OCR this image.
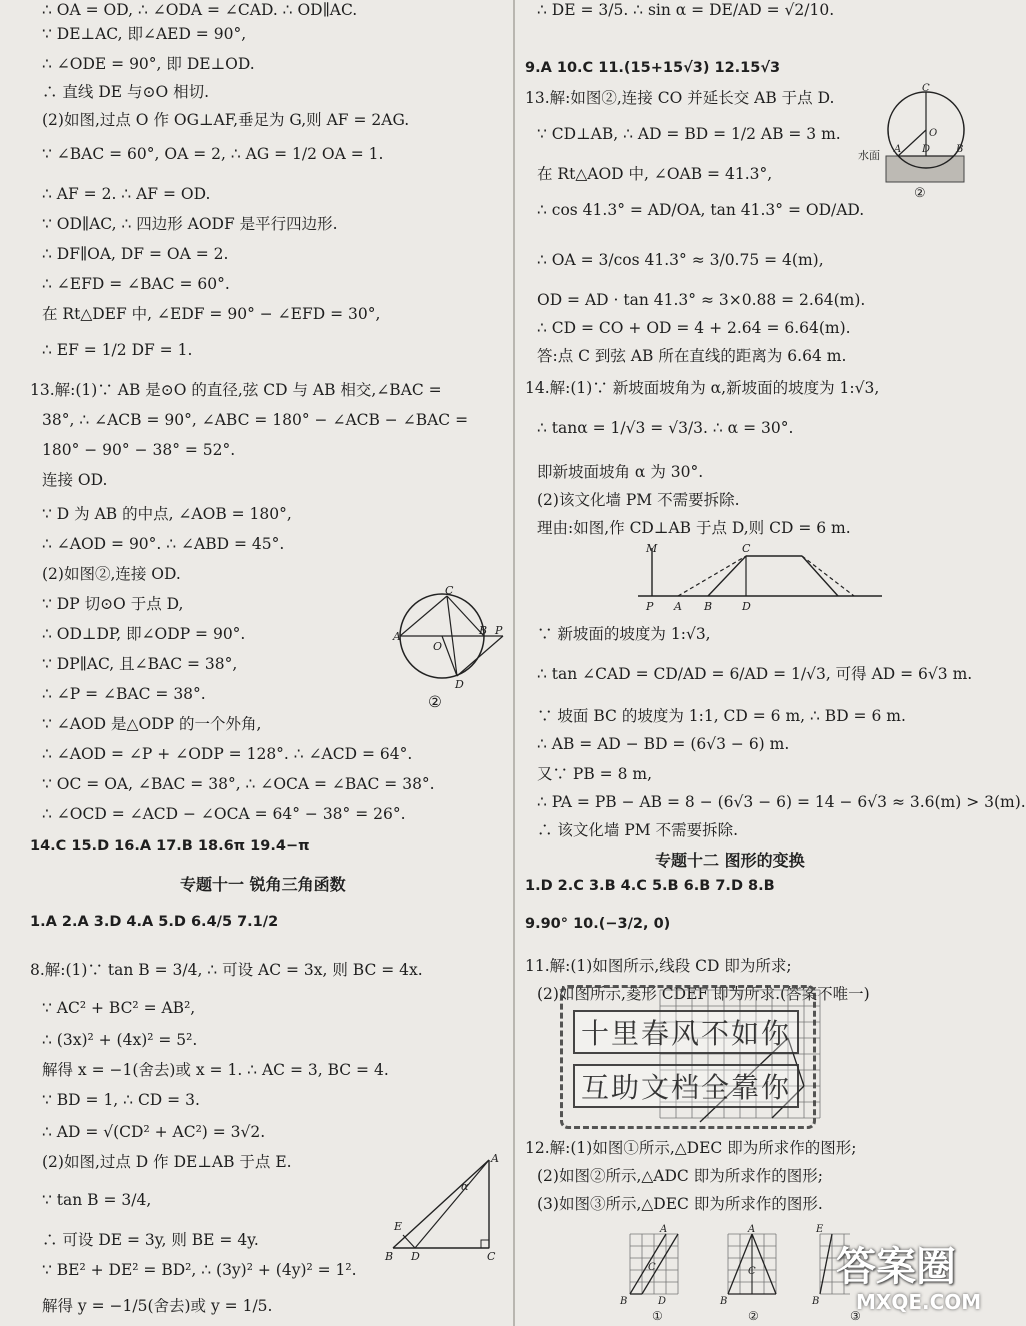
∴ OA = OD, ∴ ∠ODA = ∠CAD. ∴ OD∥AC.
∵ DE⊥AC, 即∠AED = 90°,
∴ ∠ODE = 90°, 即 DE⊥OD.
∴ 直线 DE 与⊙O 相切.
(2)如图,过点 O 作 OG⊥AF,垂足为 G,则 AF = 2AG.
∵ ∠BAC = 60°, OA = 2, ∴ AG = 1/2 OA = 1.
∴ AF = 2. ∴ AF = OD.
∵ OD∥AC, ∴ 四边形 AODF 是平行四边形.
∴ DF∥OA, DF = OA = 2.
∴ ∠EFD = ∠BAC = 60°.
在 Rt△DEF 中, ∠EDF = 90° − ∠EFD = 30°,
∴ EF = 1/2 DF = 1.
13.解:(1)∵ AB 是⊙O 的直径,弦 CD 与 AB 相交,∠BAC =
38°, ∴ ∠ACB = 90°, ∠ABC = 180° − ∠ACB − ∠BAC =
180° − 90° − 38° = 52°.
连接 OD.
∵ D 为 AB 的中点, ∠AOB = 180°,
∴ ∠AOD = 90°. ∴ ∠ABD = 45°.
(2)如图②,连接 OD.
∵ DP 切⊙O 于点 D,
∴ OD⊥DP, 即∠ODP = 90°.
∵ DP∥AC, 且∠BAC = 38°,
∴ ∠P = ∠BAC = 38°.
∵ ∠AOD 是△ODP 的一个外角,
∴ ∠AOD = ∠P + ∠ODP = 128°. ∴ ∠ACD = 64°.
∵ OC = OA, ∠BAC = 38°, ∴ ∠OCA = ∠BAC = 38°.
∴ ∠OCD = ∠ACD − ∠OCA = 64° − 38° = 26°.
14.C 15.D 16.A 17.B 18.6π 19.4−π
专题十一 锐角三角函数
1.A 2.A 3.D 4.A 5.D 6.4/5 7.1/2
8.解:(1)∵ tan B = 3/4, ∴ 可设 AC = 3x, 则 BC = 4x.
∵ AC² + BC² = AB²,
∴ (3x)² + (4x)² = 5².
解得 x = −1(舍去)或 x = 1. ∴ AC = 3, BC = 4.
∵ BD = 1, ∴ CD = 3.
∴ AD = √(CD² + AC²) = 3√2.
(2)如图,过点 D 作 DE⊥AB 于点 E.
∵ tan B = 3/4,
∴ 可设 DE = 3y, 则 BE = 4y.
∵ BE² + DE² = BD², ∴ (3y)² + (4y)² = 1².
解得 y = −1/5(舍去)或 y = 1/5.
A
C
O
B P
D
②
A
B D	C
E
α
∴ DE = 3/5. ∴ sin α = DE/AD = √2/10.
9.A 10.C 11.(15+15√3) 12.15√3
13.解:如图②,连接 CO 并延长交 AB 于点 D.
∵ CD⊥AB, ∴ AD = BD = 1/2 AB = 3 m.
在 Rt△AOD 中, ∠OAB = 41.3°,
∴ cos 41.3° = AD/OA, tan 41.3° = OD/AD.
∴ OA = 3/cos 41.3° ≈ 3/0.75 = 4(m),
OD = AD · tan 41.3° ≈ 3×0.88 = 2.64(m).
∴ CD = CO + OD = 4 + 2.64 = 6.64(m).
答:点 C 到弦 AB 所在直线的距离为 6.64 m.
14.解:(1)∵ 新坡面坡角为 α,新坡面的坡度为 1:√3,
∴ tanα = 1/√3 = √3/3. ∴ α = 30°.
即新坡面坡角 α 为 30°.
(2)该文化墙 PM 不需要拆除.
理由:如图,作 CD⊥AB 于点 D,则 CD = 6 m.
∵ 新坡面的坡度为 1:√3,
∴ tan ∠CAD = CD/AD = 6/AD = 1/√3, 可得 AD = 6√3 m.
∵ 坡面 BC 的坡度为 1:1, CD = 6 m, ∴ BD = 6 m.
∴ AB = AD − BD = (6√3 − 6) m.
又∵ PB = 8 m,
∴ PA = PB − AB = 8 − (6√3 − 6) = 14 − 6√3 ≈ 3.6(m) > 3(m).
∴ 该文化墙 PM 不需要拆除.
专题十二 图形的变换
1.D 2.C 3.B 4.C 5.B 6.B 7.D 8.B
9.90° 10.(−3/2, 0)
11.解:(1)如图所示,线段 CD 即为所求;
(2)如图所示,菱形 CDEF 即为所求.(答案不唯一)
12.解:(1)如图①所示,△DEC 即为所求作的图形;
(2)如图②所示,△ADC 即为所求作的图形;
(3)如图③所示,△DEC 即为所求作的图形.
C
O
A	B
D
水面
②
M	C
P A B	D
十里春风不如你
互助文档全靠你
A
B
C
D
A
B
C
E
B
①	②	③
答案圈
MXQE.COM
